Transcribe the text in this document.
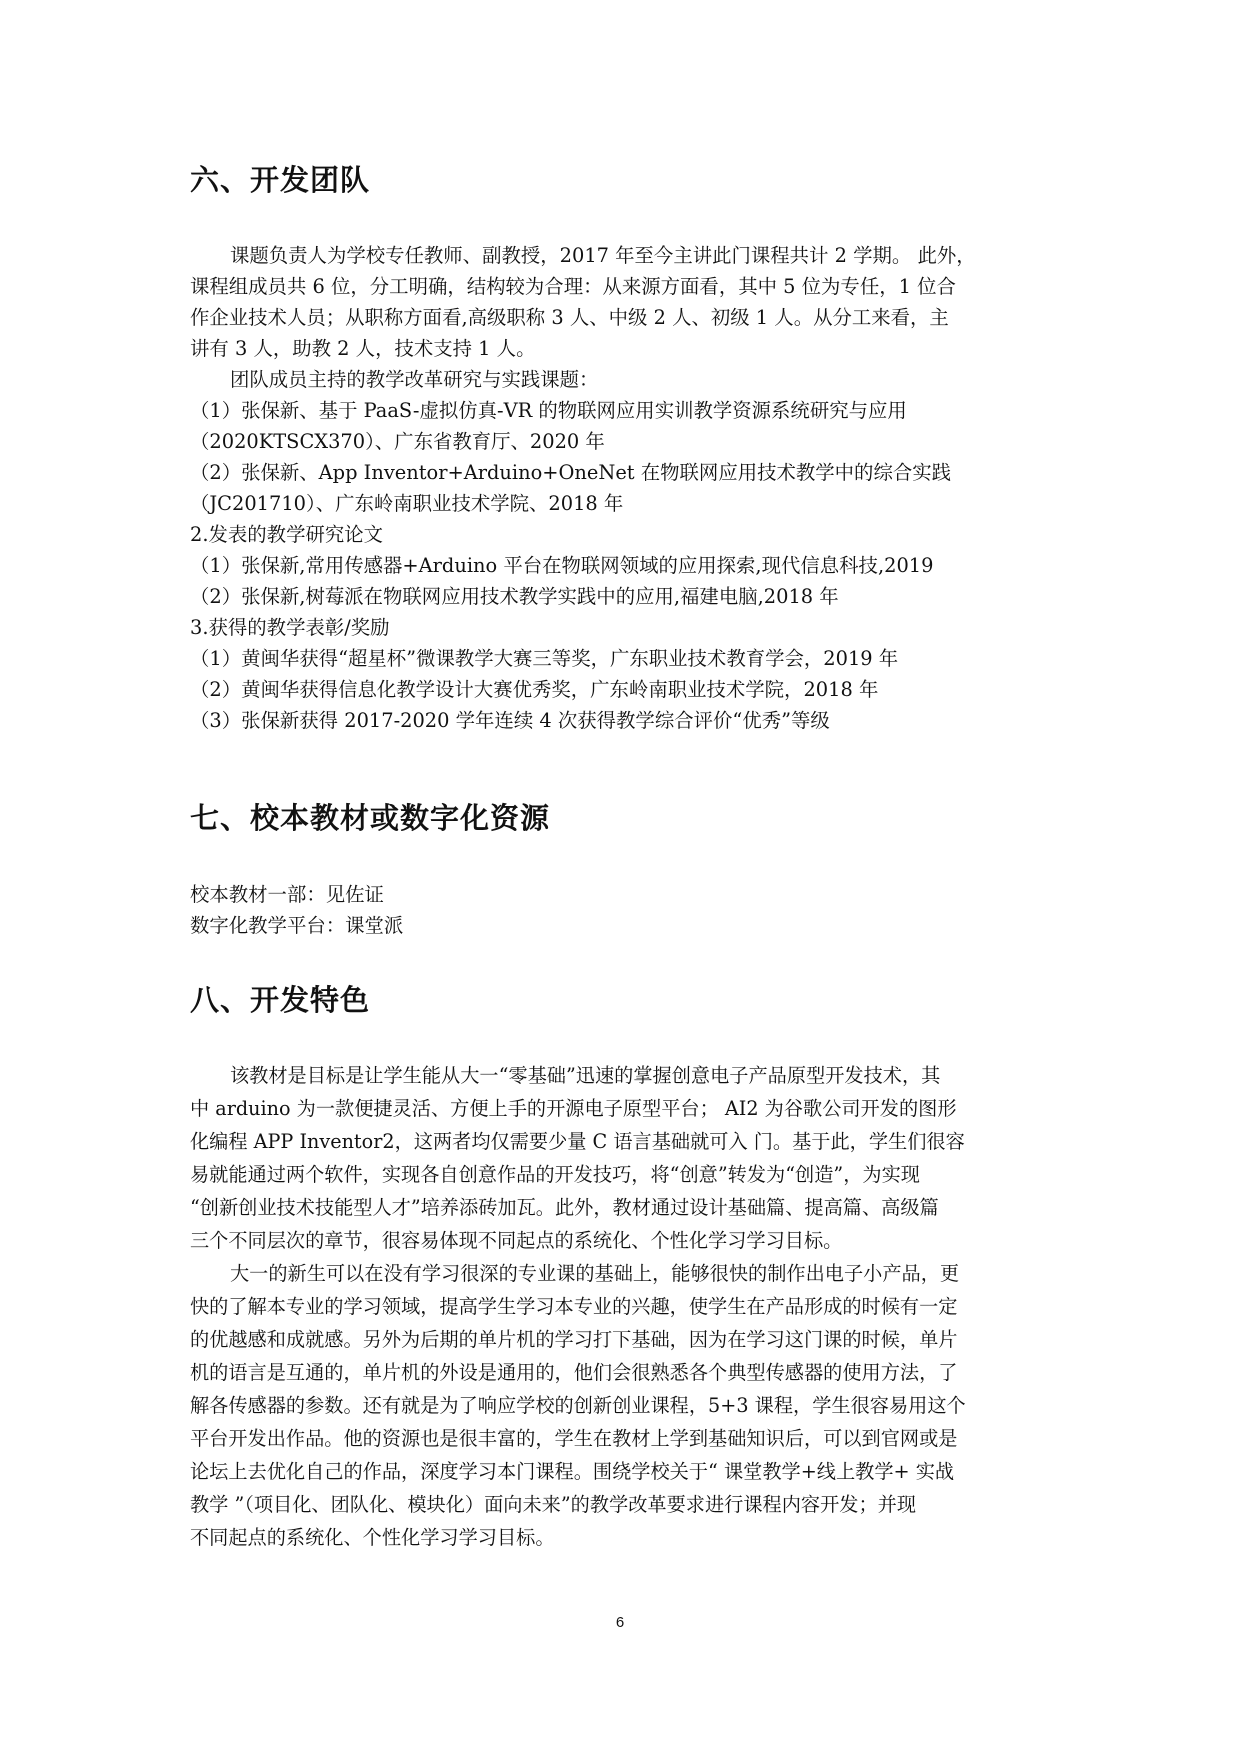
六、开发团队
课题负责人为学校专任教师、副教授，2017 年至今主讲此门课程共计 2 学期。 此外，
课程组成员共 6 位，分工明确，结构较为合理：从来源方面看，其中 5 位为专任，1 位合
作企业技术人员；从职称方面看,高级职称 3 人、中级 2 人、初级 1 人。从分工来看，主
讲有 3 人，助教 2 人，技术支持 1 人。
团队成员主持的教学改革研究与实践课题：
（1）张保新、基于 PaaS-虚拟仿真-VR 的物联网应用实训教学资源系统研究与应用
（2020KTSCX370）、广东省教育厅、2020 年
（2）张保新、App Inventor+Arduino+OneNet 在物联网应用技术教学中的综合实践
（JC201710）、广东岭南职业技术学院、2018 年
2.发表的教学研究论文
（1）张保新,常用传感器+Arduino 平台在物联网领域的应用探索,现代信息科技,2019
（2）张保新,树莓派在物联网应用技术教学实践中的应用,福建电脑,2018 年
3.获得的教学表彰/奖励
（1）黄闽华获得“超星杯”微课教学大赛三等奖，广东职业技术教育学会，2019 年
（2）黄闽华获得信息化教学设计大赛优秀奖，广东岭南职业技术学院，2018 年
（3）张保新获得 2017-2020 学年连续 4 次获得教学综合评价“优秀”等级
七、校本教材或数字化资源
校本教材一部：见佐证
数字化教学平台：课堂派
八、开发特色
该教材是目标是让学生能从大一“零基础”迅速的掌握创意电子产品原型开发技术，其
中 arduino 为一款便捷灵活、方便上手的开源电子原型平台； AI2 为谷歌公司开发的图形
化编程 APP Inventor2，这两者均仅需要少量 C 语言基础就可入 门。基于此，学生们很容
易就能通过两个软件，实现各自创意作品的开发技巧，将“创意”转发为“创造”，为实现
“创新创业技术技能型人才”培养添砖加瓦。此外，教材通过设计基础篇、提高篇、高级篇
三个不同层次的章节，很容易体现不同起点的系统化、个性化学习学习目标。
大一的新生可以在没有学习很深的专业课的基础上，能够很快的制作出电子小产品，更
快的了解本专业的学习领域，提高学生学习本专业的兴趣，使学生在产品形成的时候有一定
的优越感和成就感。另外为后期的单片机的学习打下基础，因为在学习这门课的时候，单片
机的语言是互通的，单片机的外设是通用的，他们会很熟悉各个典型传感器的使用方法，了
解各传感器的参数。还有就是为了响应学校的创新创业课程，5+3 课程，学生很容易用这个
平台开发出作品。他的资源也是很丰富的，学生在教材上学到基础知识后，可以到官网或是
论坛上去优化自己的作品，深度学习本门课程。围绕学校关于“ 课堂教学+线上教学+ 实战
教学 ”（项目化、团队化、模块化）面向未来”的教学改革要求进行课程内容开发；并现
不同起点的系统化、个性化学习学习目标。
6
